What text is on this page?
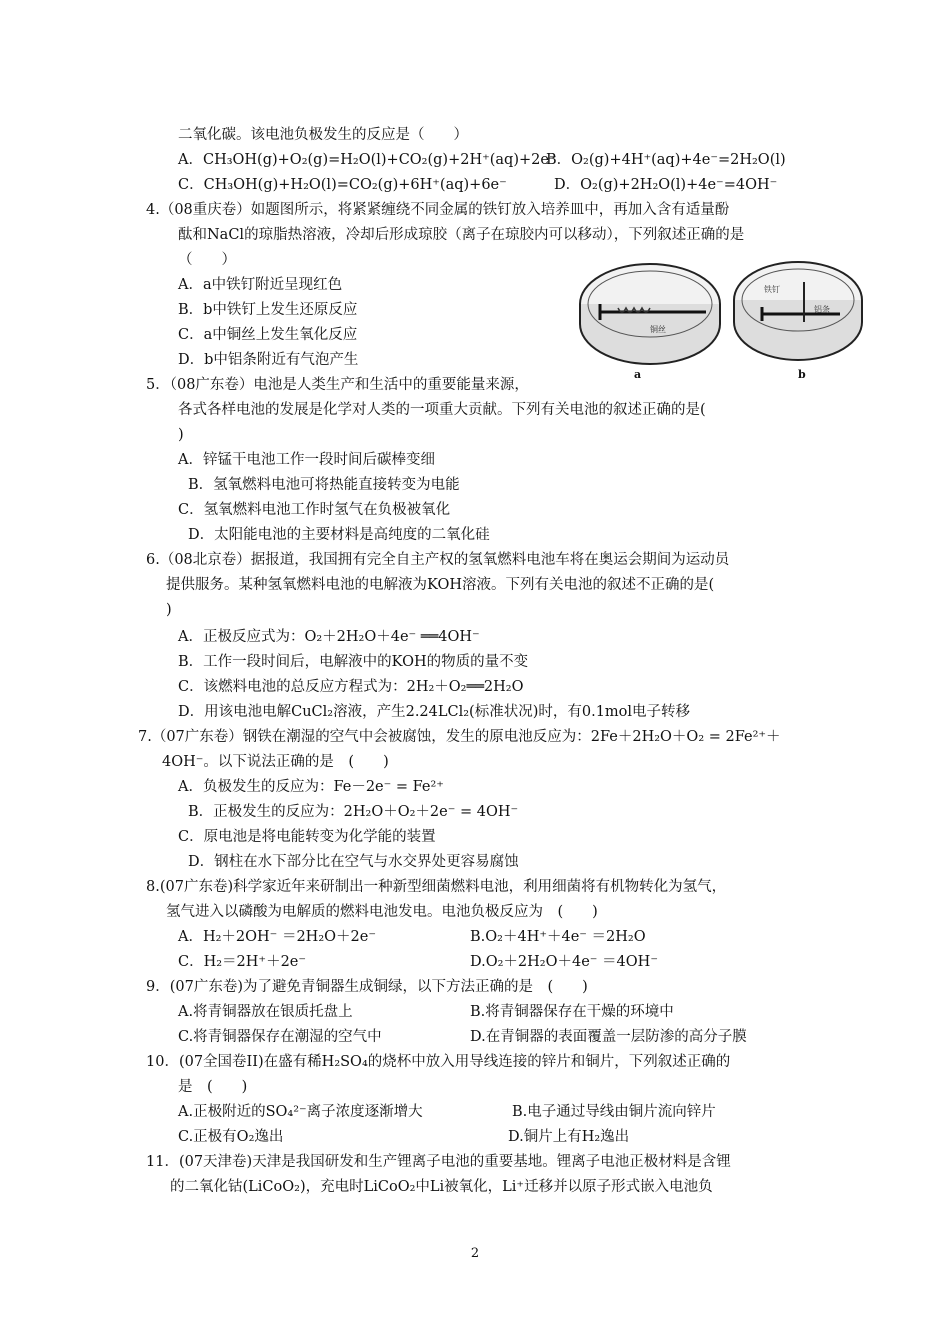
二氧化碳。该电池负极发生的反应是（　　）
A．CH₃OH(g)+O₂(g)=H₂O(l)+CO₂(g)+2H⁺(aq)+2e⁻
B．O₂(g)+4H⁺(aq)+4e⁻=2H₂O(l)
C．CH₃OH(g)+H₂O(l)=CO₂(g)+6H⁺(aq)+6e⁻	D．O₂(g)+2H₂O(l)+4e⁻=4OH⁻
4.（08重庆卷）如题图所示，将紧紧缠绕不同金属的铁钉放入培养皿中，再加入含有适量酚
酞和NaCl的琼脂热溶液，冷却后形成琼胶（离子在琼胶内可以移动），下列叙述正确的是
（　　）
A．a中铁钉附近呈现红色
B．b中铁钉上发生还原反应
C．a中铜丝上发生氧化反应
D．b中铝条附近有气泡产生
5．（08广东卷）电池是人类生产和生活中的重要能量来源，
各式各样电池的发展是化学对人类的一项重大贡献。下列有关电池的叙述正确的是(
)
A．锌锰干电池工作一段时间后碳棒变细
B．氢氧燃料电池可将热能直接转变为电能
C．氢氧燃料电池工作时氢气在负极被氧化
D．太阳能电池的主要材料是高纯度的二氧化硅
6.（08北京卷）据报道，我国拥有完全自主产权的氢氧燃料电池车将在奥运会期间为运动员
提供服务。某种氢氧燃料电池的电解液为KOH溶液。下列有关电池的叙述不正确的是(
)
A．正极反应式为：O₂＋2H₂O＋4e⁻ ══4OH⁻
B．工作一段时间后，电解液中的KOH的物质的量不变
C．该燃料电池的总反应方程式为：2H₂＋O₂══2H₂O
D．用该电池电解CuCl₂溶液，产生2.24LCl₂(标准状况)时，有0.1mol电子转移
7.（07广东卷）钢铁在潮湿的空气中会被腐蚀，发生的原电池反应为：2Fe＋2H₂O＋O₂ = 2Fe²⁺＋
4OH⁻。以下说法正确的是　(　　)
A．负极发生的反应为：Fe－2e⁻ = Fe²⁺
B．正极发生的反应为：2H₂O＋O₂＋2e⁻ = 4OH⁻
C．原电池是将电能转变为化学能的装置
D．钢柱在水下部分比在空气与水交界处更容易腐蚀
8.(07广东卷)科学家近年来研制出一种新型细菌燃料电池，利用细菌将有机物转化为氢气，
氢气进入以磷酸为电解质的燃料电池发电。电池负极反应为　(　　)
A．H₂＋2OH⁻ ＝2H₂O＋2e⁻	B.O₂＋4H⁺＋4e⁻ ＝2H₂O
C．H₂＝2H⁺＋2e⁻	D.O₂＋2H₂O＋4e⁻ ＝4OH⁻
9．(07广东卷)为了避免青铜器生成铜绿，以下方法正确的是　(　　)
A.将青铜器放在银质托盘上	B.将青铜器保存在干燥的环境中
C.将青铜器保存在潮湿的空气中	D.在青铜器的表面覆盖一层防渗的高分子膜
10．(07全国卷II)在盛有稀H₂SO₄的烧杯中放入用导线连接的锌片和铜片，下列叙述正确的
是　(　　)
A.正极附近的SO₄²⁻离子浓度逐渐增大	B.电子通过导线由铜片流向锌片
C.正极有O₂逸出	D.铜片上有H₂逸出
11．(07天津卷)天津是我国研发和生产锂离子电池的重要基地。锂离子电池正极材料是含锂
的二氧化钴(LiCoO₂)，充电时LiCoO₂中Li被氧化，Li⁺迁移并以原子形式嵌入电池负
铜丝
铁钉
铝条
a	b
2
